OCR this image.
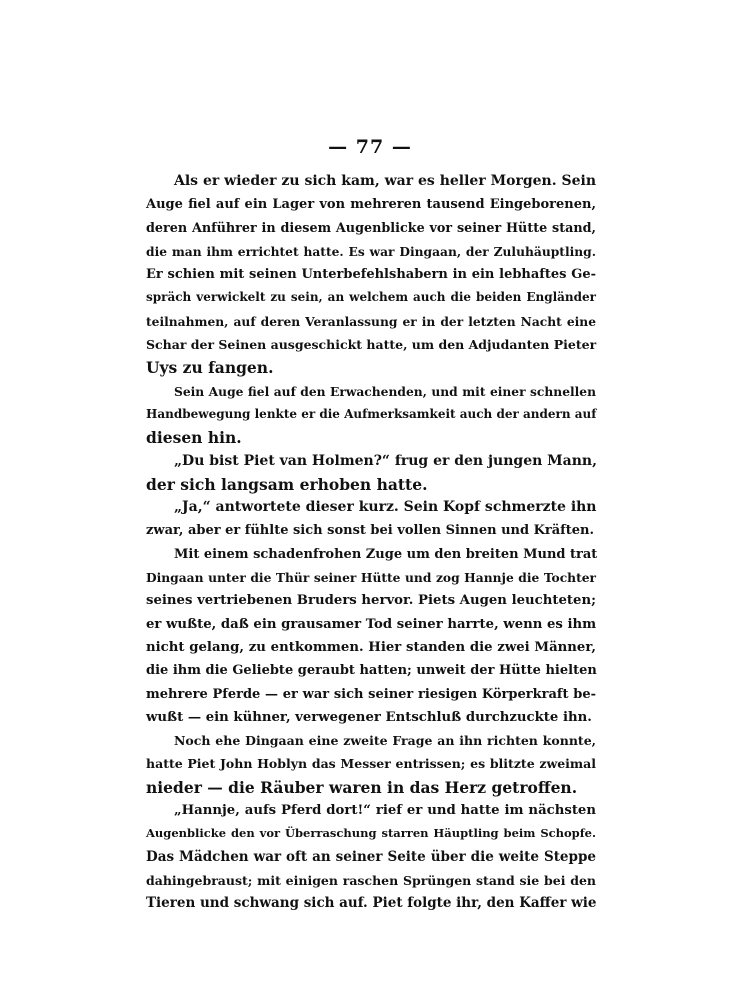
— 77 —
Als er wieder zu sich kam, war es heller Morgen. Sein
Auge fiel auf ein Lager von mehreren tausend Eingeborenen,
deren Anführer in diesem Augenblicke vor seiner Hütte stand,
die man ihm errichtet hatte. Es war Dingaan, der Zuluhäuptling.
Er schien mit seinen Unterbefehlshabern in ein lebhaftes Ge-
spräch verwickelt zu sein, an welchem auch die beiden Engländer
teilnahmen, auf deren Veranlassung er in der letzten Nacht eine
Schar der Seinen ausgeschickt hatte, um den Adjudanten Pieter
Uys zu fangen.
Sein Auge fiel auf den Erwachenden, und mit einer schnellen
Handbewegung lenkte er die Aufmerksamkeit auch der andern auf
diesen hin.
„Du bist Piet van Holmen?“ frug er den jungen Mann,
der sich langsam erhoben hatte.
„Ja,“ antwortete dieser kurz. Sein Kopf schmerzte ihn
zwar, aber er fühlte sich sonst bei vollen Sinnen und Kräften.
Mit einem schadenfrohen Zuge um den breiten Mund trat
Dingaan unter die Thür seiner Hütte und zog Hannje die Tochter
seines vertriebenen Bruders hervor. Piets Augen leuchteten;
er wußte, daß ein grausamer Tod seiner harrte, wenn es ihm
nicht gelang, zu entkommen. Hier standen die zwei Männer,
die ihm die Geliebte geraubt hatten; unweit der Hütte hielten
mehrere Pferde — er war sich seiner riesigen Körperkraft be-
wußt — ein kühner, verwegener Entschluß durchzuckte ihn.
Noch ehe Dingaan eine zweite Frage an ihn richten konnte,
hatte Piet John Hoblyn das Messer entrissen; es blitzte zweimal
nieder — die Räuber waren in das Herz getroffen.
„Hannje, aufs Pferd dort!“ rief er und hatte im nächsten
Augenblicke den vor Überraschung starren Häuptling beim Schopfe.
Das Mädchen war oft an seiner Seite über die weite Steppe
dahingebraust; mit einigen raschen Sprüngen stand sie bei den
Tieren und schwang sich auf. Piet folgte ihr, den Kaffer wie
